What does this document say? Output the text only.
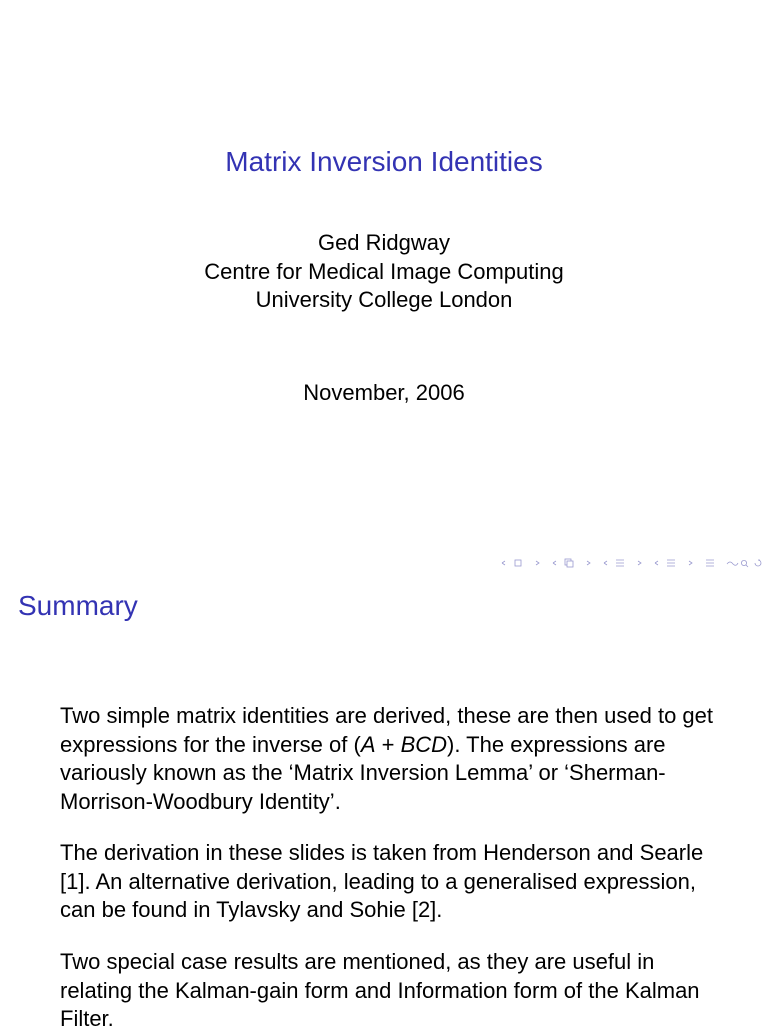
Matrix Inversion Identities
Ged Ridgway
Centre for Medical Image Computing
University College London
November, 2006
Summary

Two simple matrix identities are derived, these are then used to get expressions for the inverse of (A + BCD). The expressions are variously known as the ‘Matrix Inversion Lemma’ or ‘Sherman-Morrison-Woodbury Identity’.

The derivation in these slides is taken from Henderson and Searle [1]. An alternative derivation, leading to a generalised expression, can be found in Tylavsky and Sohie [2].

Two special case results are mentioned, as they are useful in relating the Kalman-gain form and Information form of the Kalman Filter.
